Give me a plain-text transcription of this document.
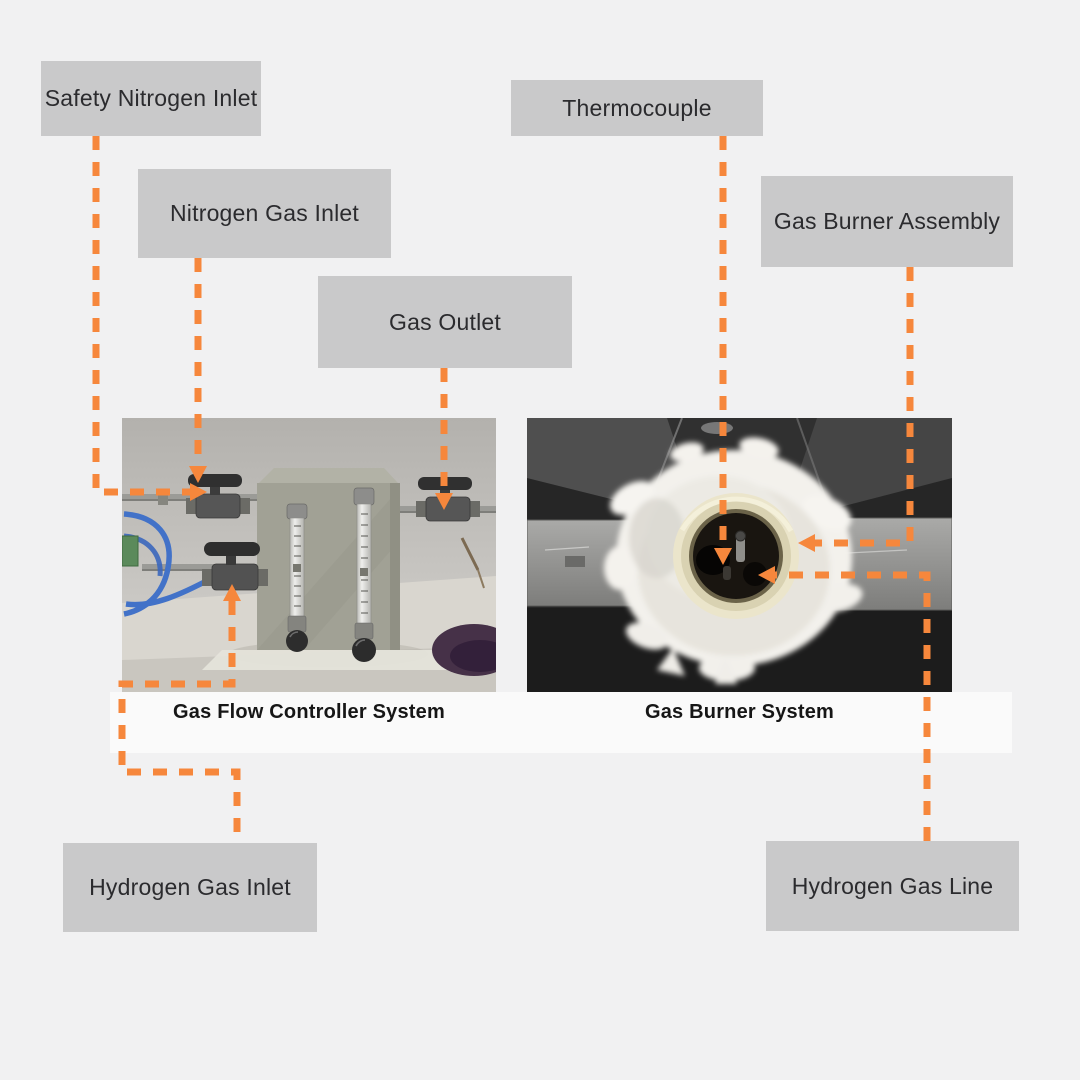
Gas Flow Controller System	Gas Burner System
Safety Nitrogen Inlet
Nitrogen Gas Inlet
Gas Outlet
Thermocouple
Gas Burner Assembly
Hydrogen Gas Inlet	Hydrogen Gas Line
